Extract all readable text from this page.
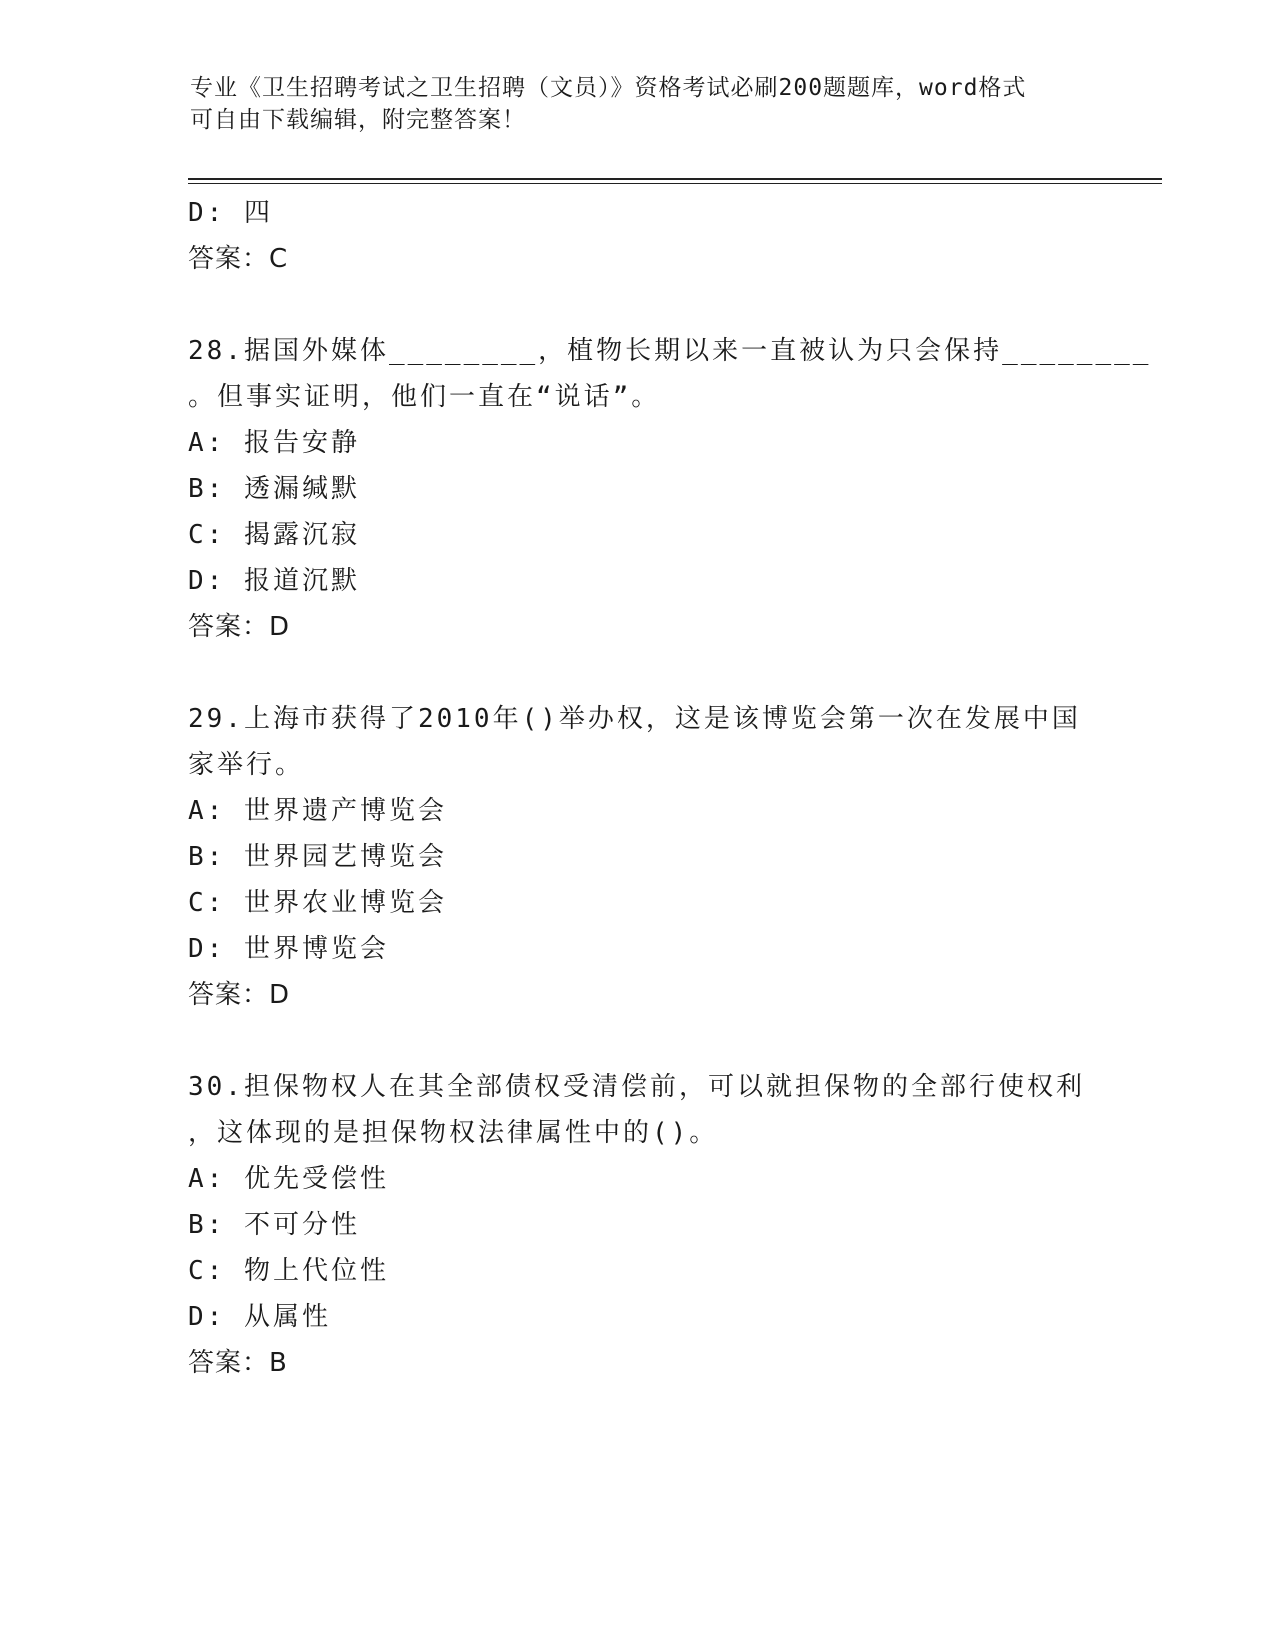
专业《卫生招聘考试之卫生招聘（文员）》资格考试必刷200题题库，word格式
可自由下载编辑，附完整答案！
D: 四
答案：C
28.据国外媒体________，植物长期以来一直被认为只会保持________
。但事实证明，他们一直在“说话”。
A: 报告安静
B: 透漏缄默
C: 揭露沉寂
D: 报道沉默
答案：D
29.上海市获得了2010年()举办权，这是该博览会第一次在发展中国
家举行。
A: 世界遗产博览会
B: 世界园艺博览会
C: 世界农业博览会
D: 世界博览会
答案：D
30.担保物权人在其全部债权受清偿前，可以就担保物的全部行使权利
，这体现的是担保物权法律属性中的()。
A: 优先受偿性
B: 不可分性
C: 物上代位性
D: 从属性
答案：B
